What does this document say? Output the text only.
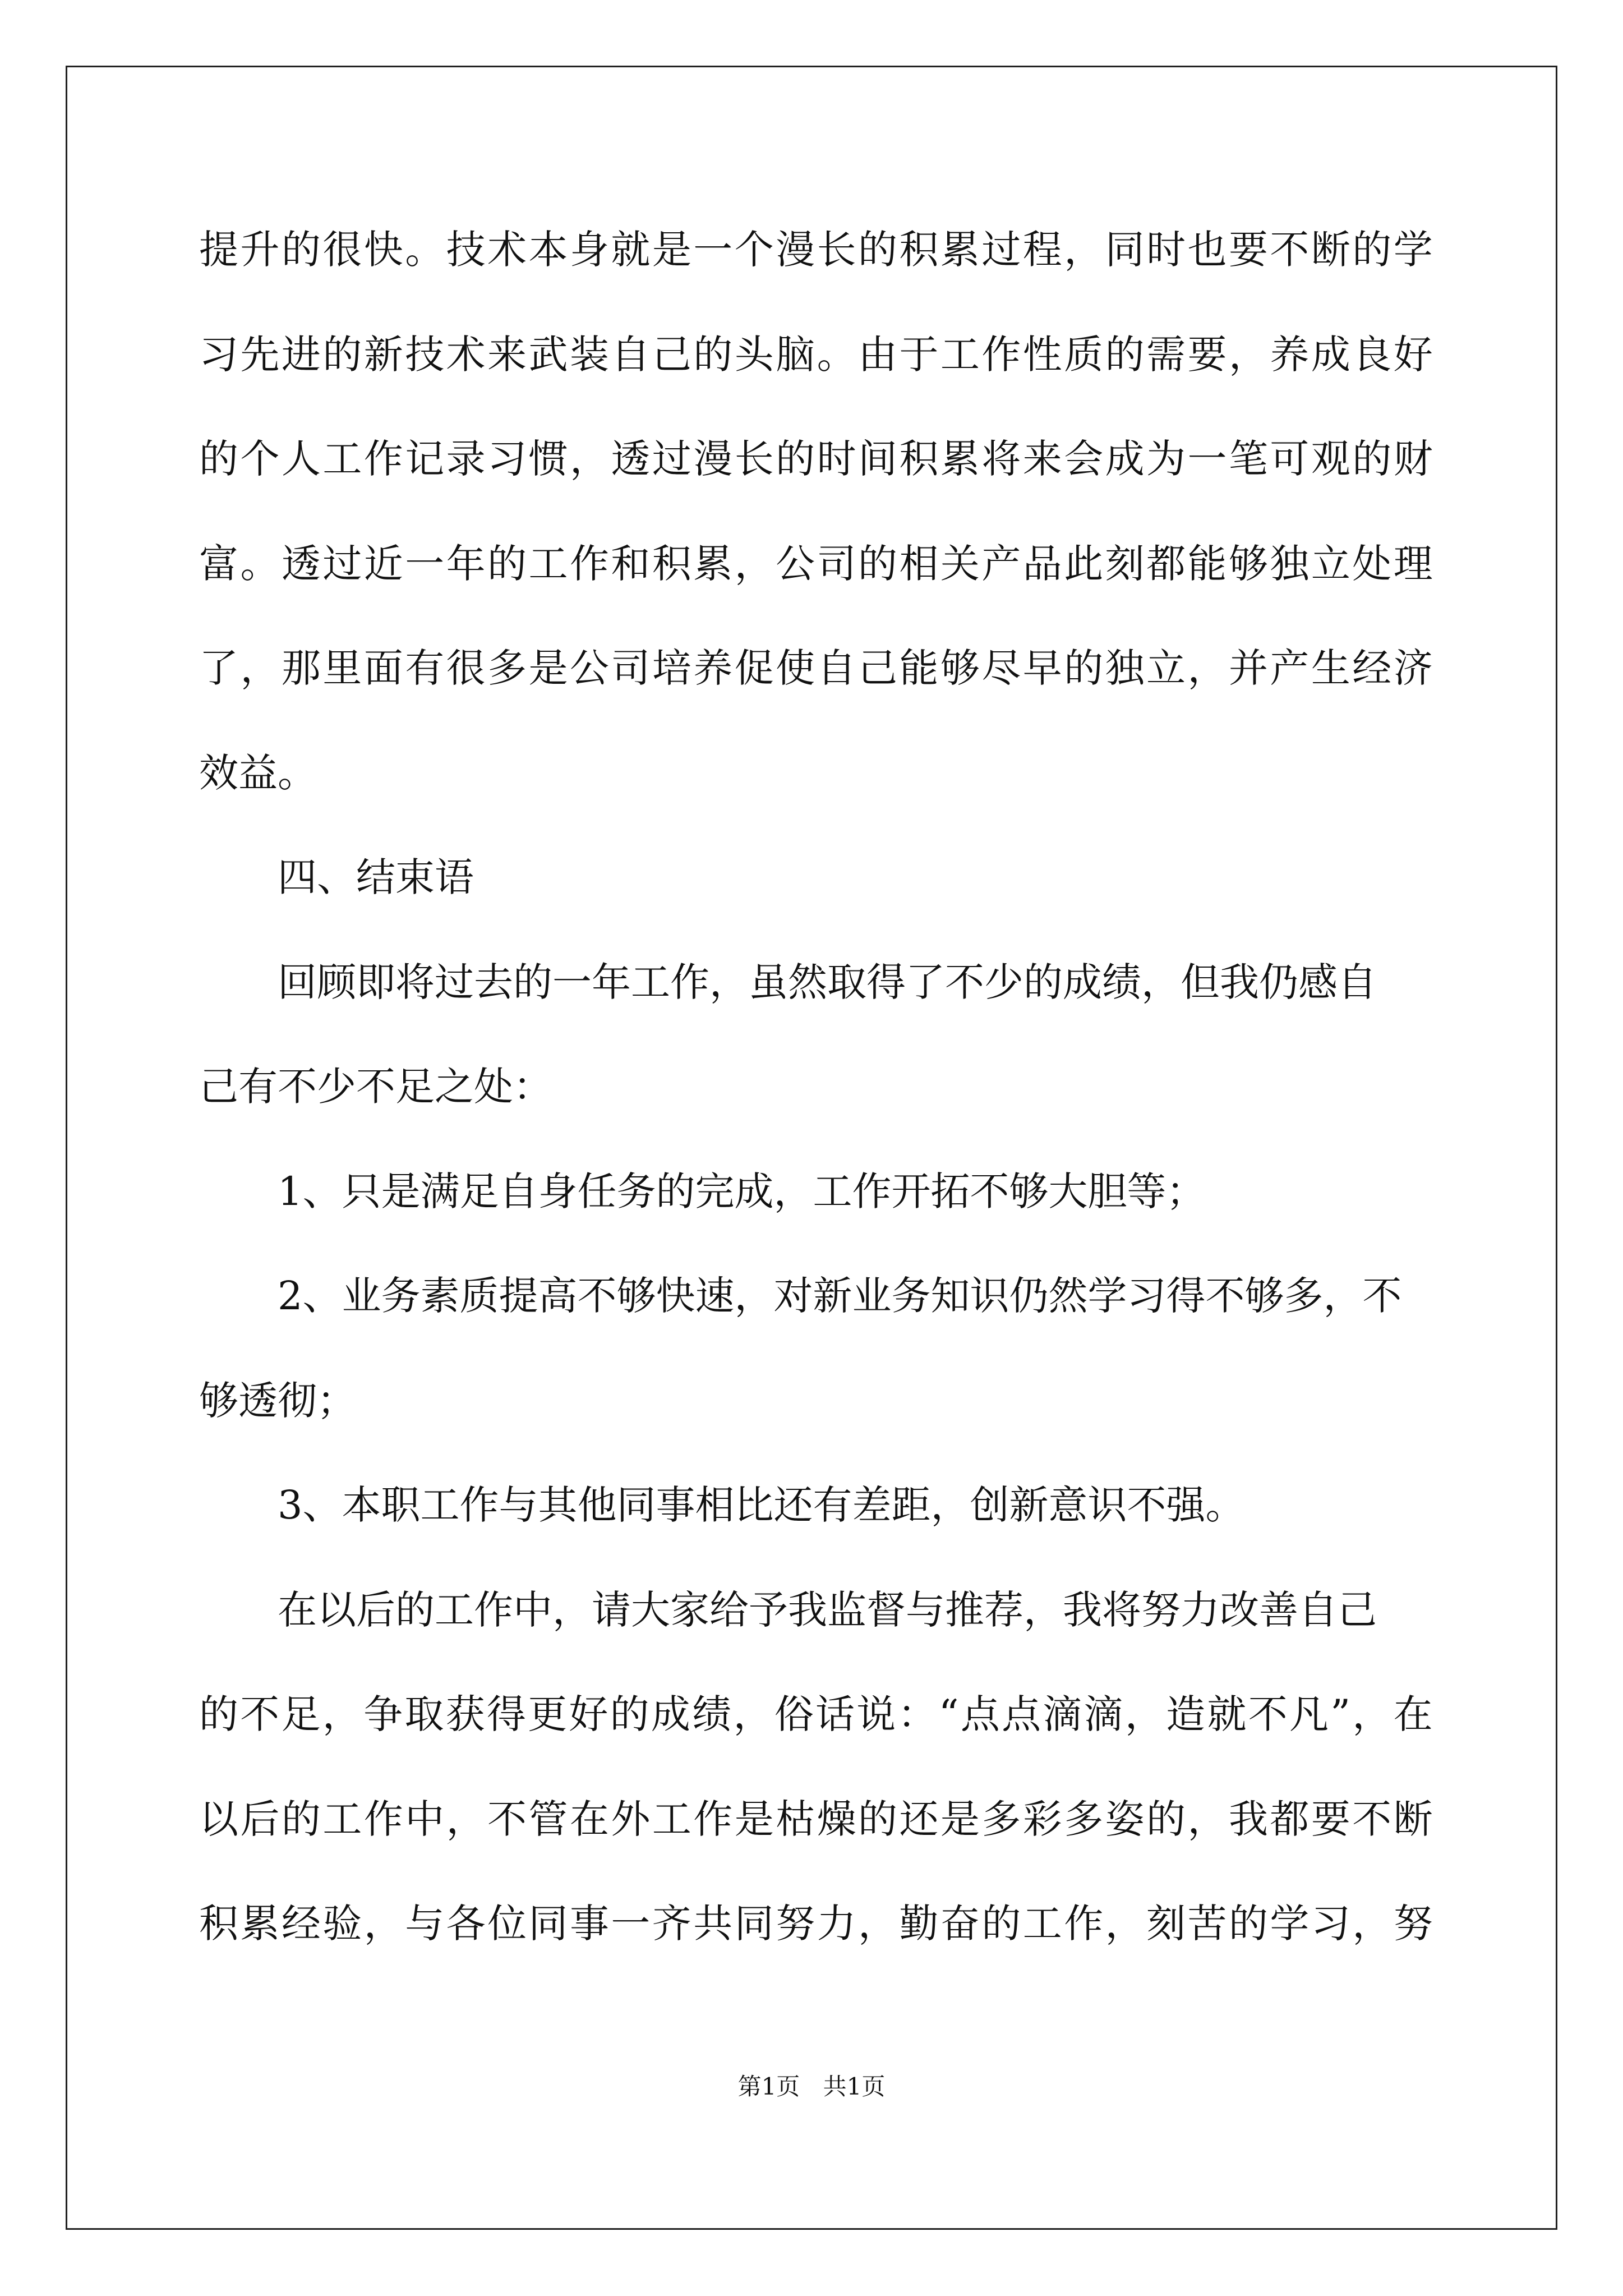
提 升 的 很 快 。 技 术 本 身 就 是 一 个 漫 长 的 积 累 过 程 ， 同 时 也 要 不 断 的 学
习 先 进 的 新 技 术 来 武 装 自 己 的 头 脑 。 由 于 工 作 性 质 的 需 要 ， 养 成 良 好
的 个 人 工 作 记 录 习 惯 ， 透 过 漫 长 的 时 间 积 累 将 来 会 成 为 一 笔 可 观 的 财
富 。 透 过 近 一 年 的 工 作 和 积 累 ， 公 司 的 相 关 产 品 此 刻 都 能 够 独 立 处 理
了 ， 那 里 面 有 很 多 是 公 司 培 养 促 使 自 己 能 够 尽 早 的 独 立 ， 并 产 生 经 济
效益。
四、结束语
回顾即将过去的一年工作，虽然取得了不少的成绩，但我仍感自
己有不少不足之处：
1、只是满足自身任务的完成，工作开拓不够大胆等；
2、业务素质提高不够快速，对新业务知识仍然学习得不够多，不
够透彻；
3、本职工作与其他同事相比还有差距，创新意识不强。
在以后的工作中，请大家给予我监督与推荐，我将努力改善自己
的 不 足 ， 争 取 获 得 更 好 的 成 绩 ， 俗 话 说 ： “ 点 点 滴 滴 ， 造 就 不 凡 ” ， 在
以 后 的 工 作 中 ， 不 管 在 外 工 作 是 枯 燥 的 还 是 多 彩 多 姿 的 ， 我 都 要 不 断
积 累 经 验 ， 与 各 位 同 事 一 齐 共 同 努 力 ， 勤 奋 的 工 作 ， 刻 苦 的 学 习 ， 努
第1页 共1页
